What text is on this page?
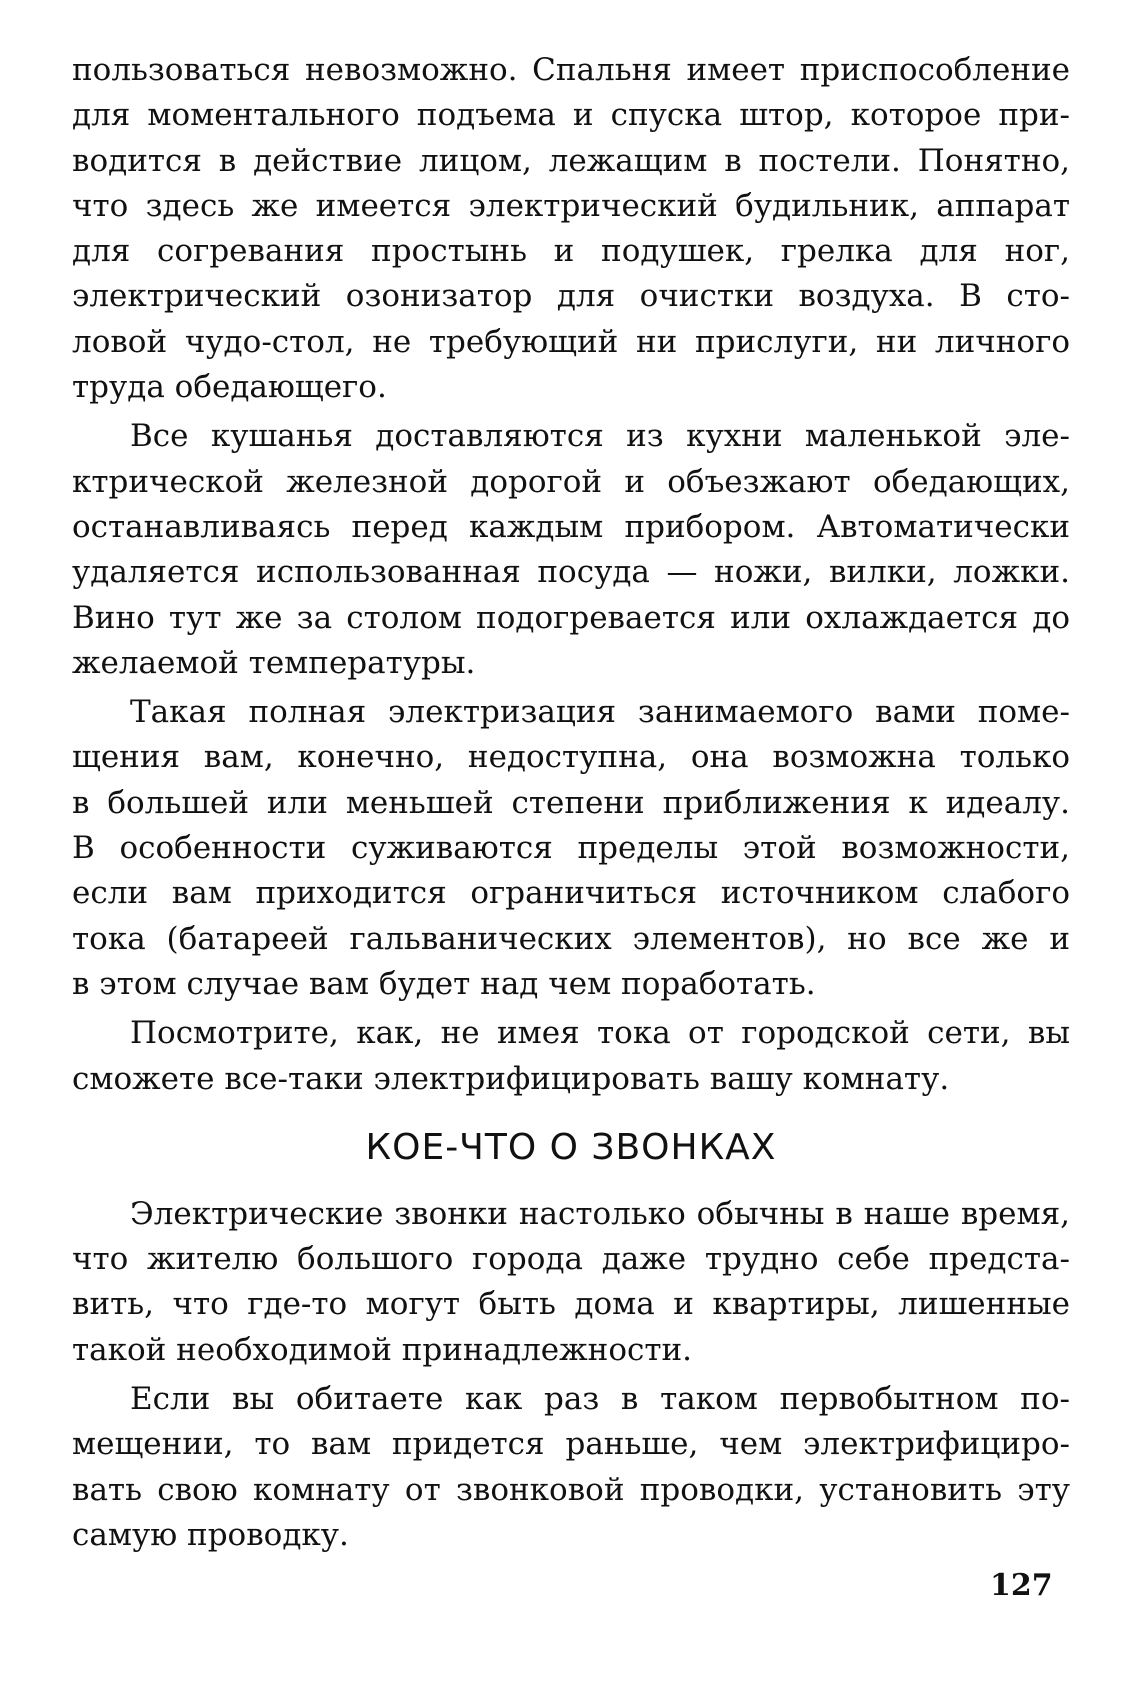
пользоваться невозможно. Спальня имеет приспособление
для моментального подъема и спуска штор, которое при-
водится в действие лицом, лежащим в постели. Понятно,
что здесь же имеется электрический будильник, аппарат
для согревания простынь и подушек, грелка для ног,
электрический озонизатор для очистки воздуха. В сто-
ловой чудо-стол, не требующий ни прислуги, ни личного
труда обедающего.
Все кушанья доставляются из кухни маленькой эле-
ктрической железной дорогой и объезжают обедающих,
останавливаясь перед каждым прибором. Автоматически
удаляется использованная посуда — ножи, вилки, ложки.
Вино тут же за столом подогревается или охлаждается до
желаемой температуры.
Такая полная электризация занимаемого вами поме-
щения вам, конечно, недоступна, она возможна только
в большей или меньшей степени приближения к идеалу.
В особенности суживаются пределы этой возможности,
если вам приходится ограничиться источником слабого
тока (батареей гальванических элементов), но все же и
в этом случае вам будет над чем поработать.
Посмотрите, как, не имея тока от городской сети, вы
сможете все-таки электрифицировать вашу комнату.
КОЕ-ЧТО О ЗВОНКАХ
Электрические звонки настолько обычны в наше время,
что жителю большого города даже трудно себе предста-
вить, что где-то могут быть дома и квартиры, лишенные
такой необходимой принадлежности.
Если вы обитаете как раз в таком первобытном по-
мещении, то вам придется раньше, чем электрифициро-
вать свою комнату от звонковой проводки, установить эту
самую проводку.
127
